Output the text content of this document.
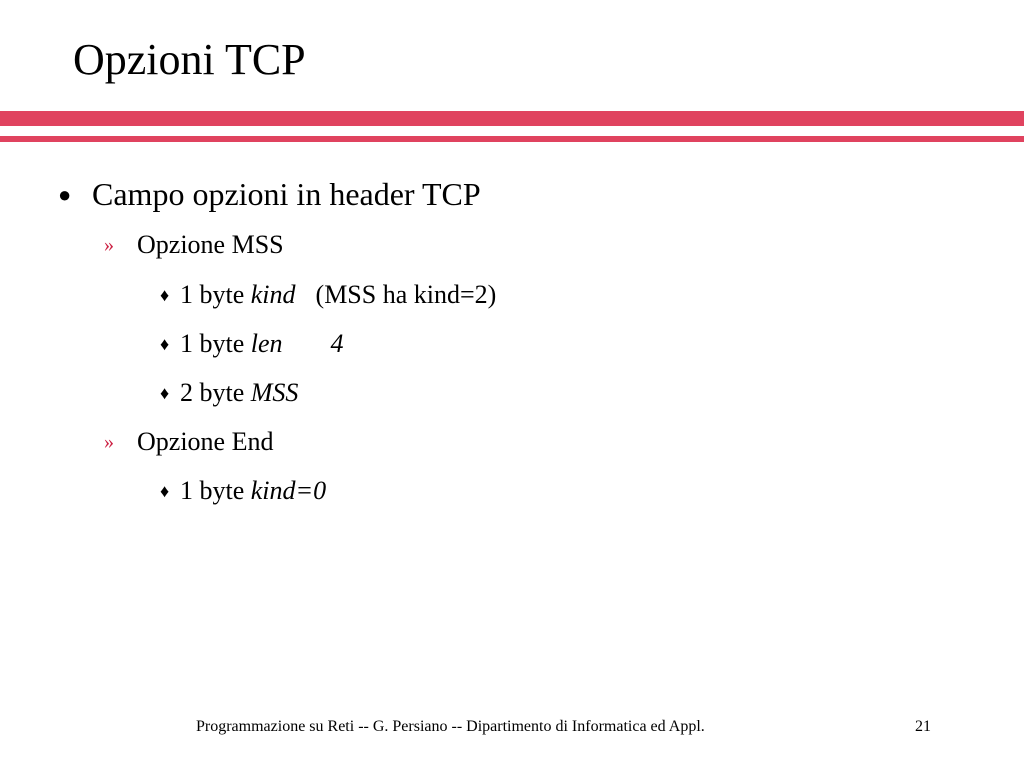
Opzioni TCP
● Campo opzioni in header TCP
» Opzione MSS
♦ 1 byte kind (MSS ha kind=2)
♦ 1 byte len 4
♦ 2 byte MSS
» Opzione End
♦ 1 byte kind=0
Programmazione su Reti -- G. Persiano -- Dipartimento di Informatica ed Appl.	21
